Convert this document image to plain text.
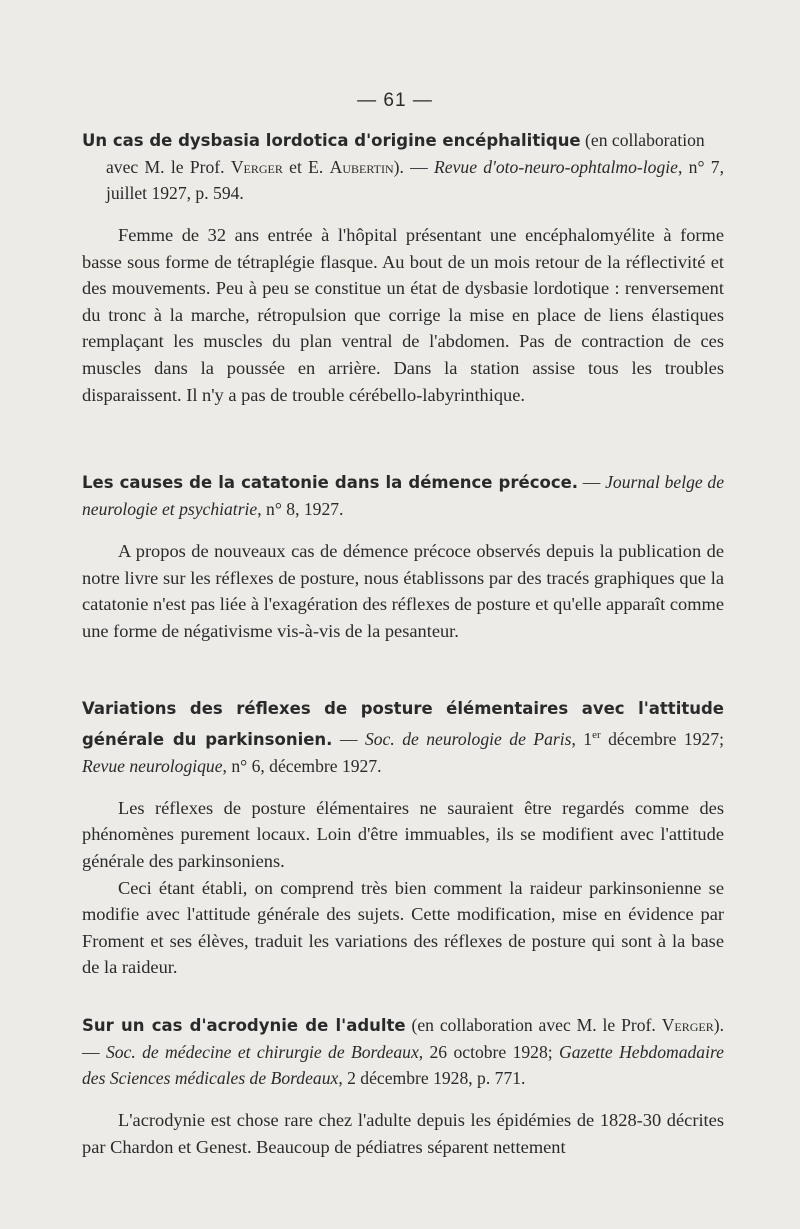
— 61 —
Un cas de dysbasia lordotica d'origine encéphalitique (en collaboration
avec M. le Prof. Verger et E. Aubertin). — Revue d'oto-neuro-ophtalmo-logie, n° 7, juillet 1927, p. 594.

Femme de 32 ans entrée à l'hôpital présentant une encéphalomyélite à forme basse sous forme de tétraplégie flasque. Au bout de un mois retour de la réflectivité et des mouvements. Peu à peu se constitue un état de dysbasie lordotique : renversement du tronc à la marche, rétropulsion que corrige la mise en place de liens élastiques remplaçant les muscles du plan ventral de l'abdomen. Pas de contraction de ces muscles dans la poussée en arrière. Dans la station assise tous les troubles disparaissent. Il n'y a pas de trouble cérébello-labyrinthique.

Les causes de la catatonie dans la démence précoce. — Journal belge de neurologie et psychiatrie, n° 8, 1927.

A propos de nouveaux cas de démence précoce observés depuis la publication de notre livre sur les réflexes de posture, nous établissons par des tracés graphiques que la catatonie n'est pas liée à l'exagération des réflexes de posture et qu'elle apparaît comme une forme de négativisme vis-à-vis de la pesanteur.

Variations des réflexes de posture élémentaires avec l'attitude générale du parkinsonien. — Soc. de neurologie de Paris, 1er décembre 1927; Revue neurologique, n° 6, décembre 1927.

Les réflexes de posture élémentaires ne sauraient être regardés comme des phénomènes purement locaux. Loin d'être immuables, ils se modifient avec l'attitude générale des parkinsoniens.

Ceci étant établi, on comprend très bien comment la raideur parkinsonienne se modifie avec l'attitude générale des sujets. Cette modification, mise en évidence par Froment et ses élèves, traduit les variations des réflexes de posture qui sont à la base de la raideur.

Sur un cas d'acrodynie de l'adulte (en collaboration avec M. le Prof. Verger). — Soc. de médecine et chirurgie de Bordeaux, 26 octobre 1928; Gazette Hebdomadaire des Sciences médicales de Bordeaux, 2 décembre 1928, p. 771.

L'acrodynie est chose rare chez l'adulte depuis les épidémies de 1828-30 décrites par Chardon et Genest. Beaucoup de pédiatres séparent nettement
